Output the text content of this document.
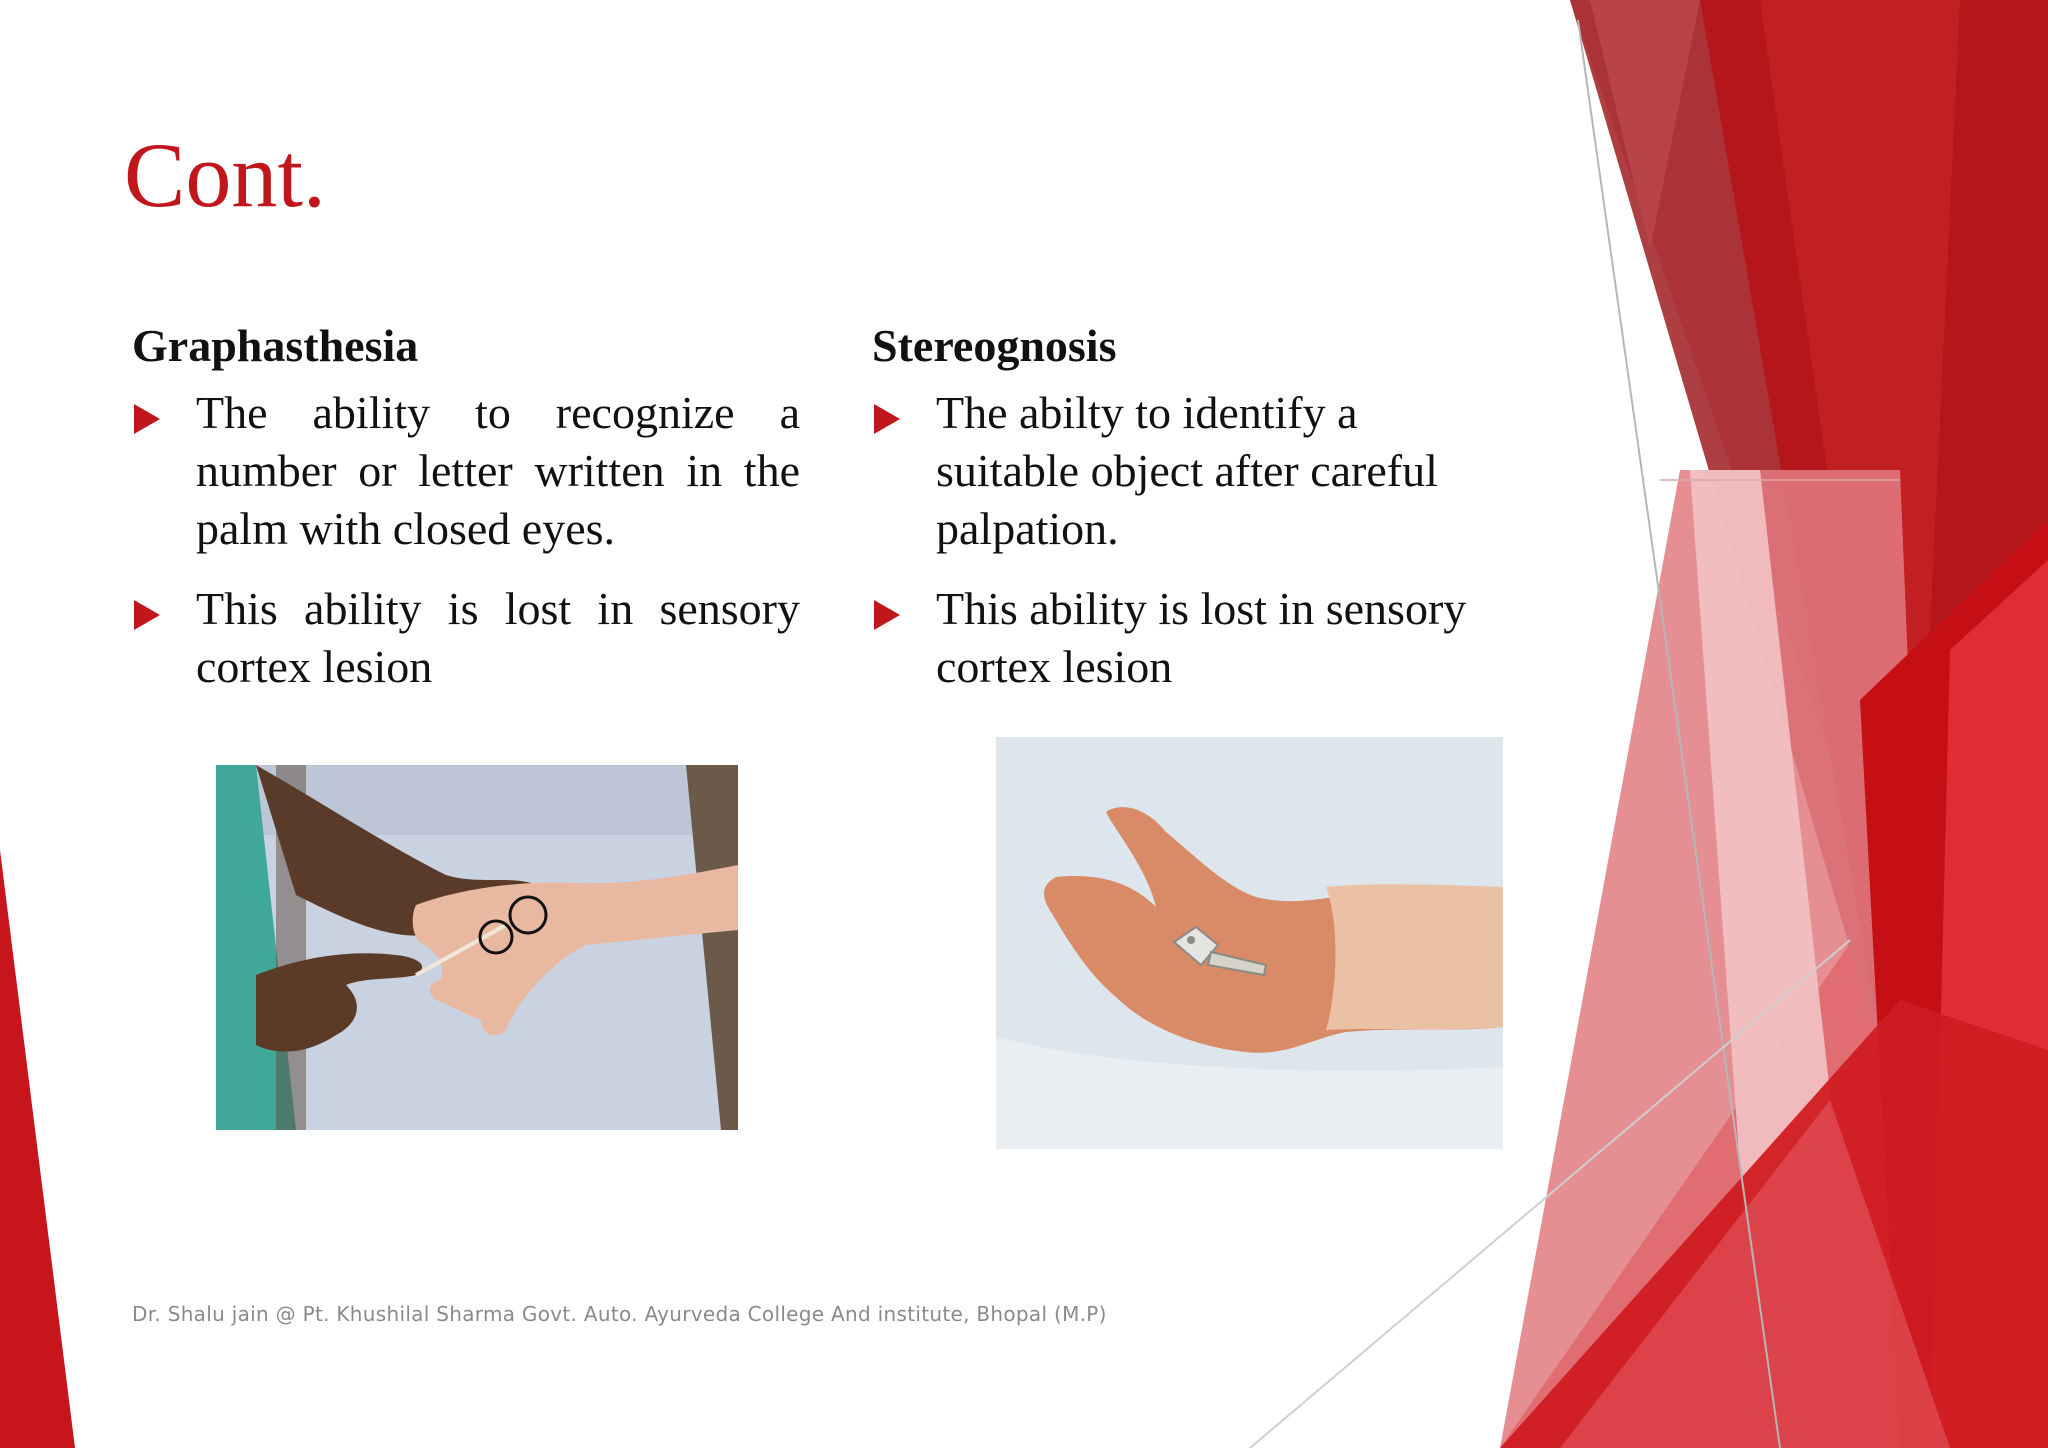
Cont.

Graphasthesia

The ability to recognize a number or letter written in the palm with closed eyes.
This ability is lost in sensory cortex lesion

Stereognosis

The abilty to identify a suitable object after careful palpation.
This ability is lost in sensory cortex lesion
Dr. Shalu jain @ Pt. Khushilal Sharma Govt. Auto. Ayurveda College And institute, Bhopal (M.P)
